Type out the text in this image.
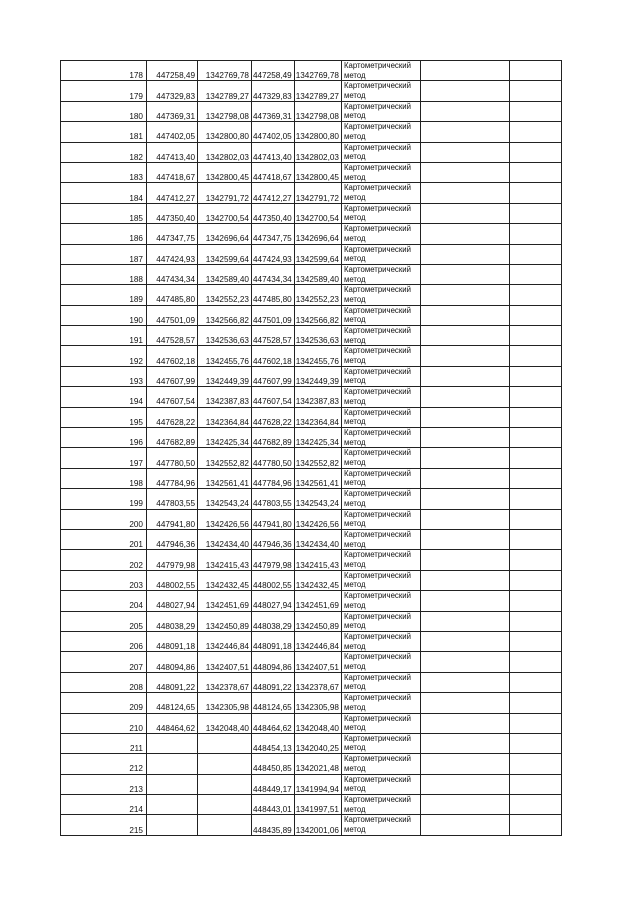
178	447258,49	1342769,78	447258,49	1342769,78	Картометрический
метод		

179	447329,83	1342789,27	447329,83	1342789,27	Картометрический
метод		

180	447369,31	1342798,08	447369,31	1342798,08	Картометрический
метод		

181	447402,05	1342800,80	447402,05	1342800,80	Картометрический
метод		

182	447413,40	1342802,03	447413,40	1342802,03	Картометрический
метод		

183	447418,67	1342800,45	447418,67	1342800,45	Картометрический
метод		

184	447412,27	1342791,72	447412,27	1342791,72	Картометрический
метод		

185	447350,40	1342700,54	447350,40	1342700,54	Картометрический
метод		

186	447347,75	1342696,64	447347,75	1342696,64	Картометрический
метод		

187	447424,93	1342599,64	447424,93	1342599,64	Картометрический
метод		

188	447434,34	1342589,40	447434,34	1342589,40	Картометрический
метод		

189	447485,80	1342552,23	447485,80	1342552,23	Картометрический
метод		

190	447501,09	1342566,82	447501,09	1342566,82	Картометрический
метод		

191	447528,57	1342536,63	447528,57	1342536,63	Картометрический
метод		

192	447602,18	1342455,76	447602,18	1342455,76	Картометрический
метод		

193	447607,99	1342449,39	447607,99	1342449,39	Картометрический
метод		

194	447607,54	1342387,83	447607,54	1342387,83	Картометрический
метод		

195	447628,22	1342364,84	447628,22	1342364,84	Картометрический
метод		

196	447682,89	1342425,34	447682,89	1342425,34	Картометрический
метод		

197	447780,50	1342552,82	447780,50	1342552,82	Картометрический
метод		

198	447784,96	1342561,41	447784,96	1342561,41	Картометрический
метод		

199	447803,55	1342543,24	447803,55	1342543,24	Картометрический
метод		

200	447941,80	1342426,56	447941,80	1342426,56	Картометрический
метод		

201	447946,36	1342434,40	447946,36	1342434,40	Картометрический
метод		

202	447979,98	1342415,43	447979,98	1342415,43	Картометрический
метод		

203	448002,55	1342432,45	448002,55	1342432,45	Картометрический
метод		

204	448027,94	1342451,69	448027,94	1342451,69	Картометрический
метод		

205	448038,29	1342450,89	448038,29	1342450,89	Картометрический
метод		

206	448091,18	1342446,84	448091,18	1342446,84	Картометрический
метод		

207	448094,86	1342407,51	448094,86	1342407,51	Картометрический
метод		

208	448091,22	1342378,67	448091,22	1342378,67	Картометрический
метод		

209	448124,65	1342305,98	448124,65	1342305,98	Картометрический
метод		

210	448464,62	1342048,40	448464,62	1342048,40	Картометрический
метод		

211			448454,13	1342040,25	Картометрический
метод		

212			448450,85	1342021,48	Картометрический
метод		

213			448449,17	1341994,94	Картометрический
метод		

214			448443,01	1341997,51	Картометрический
метод		

215			448435,89	1342001,06	Картометрический
метод		
